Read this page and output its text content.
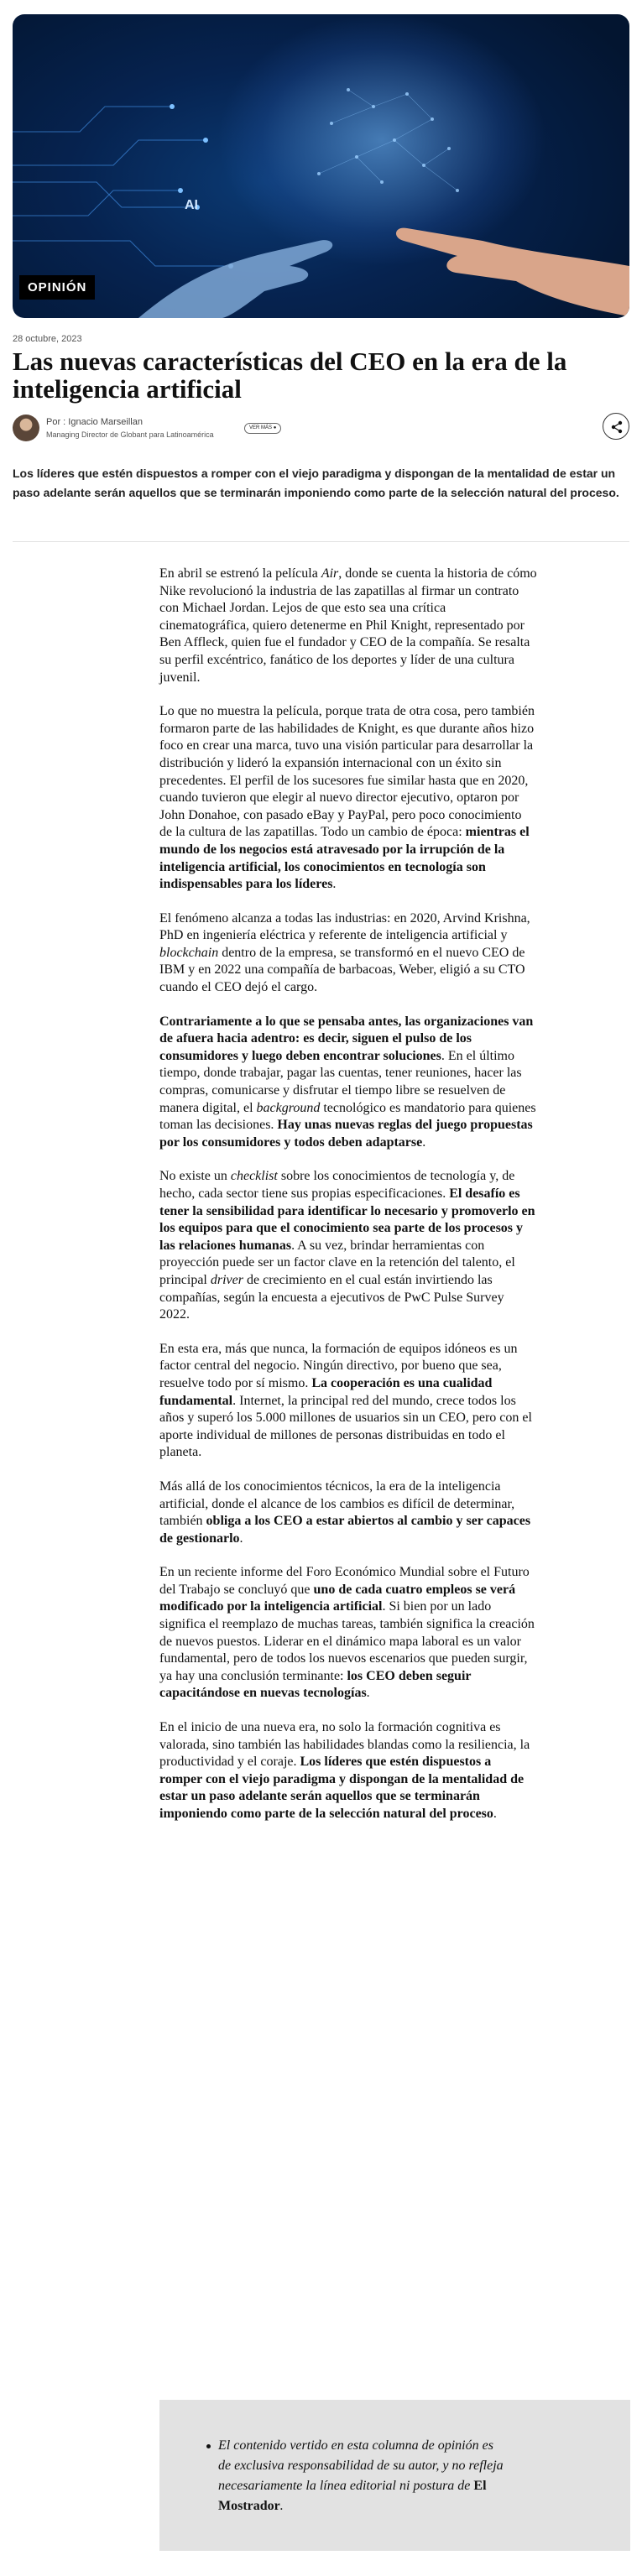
AI
OPINIÓN
28 octubre, 2023
Las nuevas características del CEO en la era de la inteligencia artificial
Por : Ignacio Marseillan
Managing Director de Globant para Latinoamérica
VER MÁS ●

Los líderes que estén dispuestos a romper con el viejo paradigma y dispongan de la mentalidad de estar un paso adelante serán aquellos que se terminarán imponiendo como parte de la selección natural del proceso.

En abril se estrenó la película Air, donde se cuenta la historia de cómo Nike revolucionó la industria de las zapatillas al firmar un contrato con Michael Jordan. Lejos de que esto sea una crítica cinematográfica, quiero detenerme en Phil Knight, representado por Ben Affleck, quien fue el fundador y CEO de la compañía. Se resalta su perfil excéntrico, fanático de los deportes y líder de una cultura juvenil.

Lo que no muestra la película, porque trata de otra cosa, pero también formaron parte de las habilidades de Knight, es que durante años hizo foco en crear una marca, tuvo una visión particular para desarrollar la distribución y lideró la expansión internacional con un éxito sin precedentes. El perfil de los sucesores fue similar hasta que en 2020, cuando tuvieron que elegir al nuevo director ejecutivo, optaron por John Donahoe, con pasado eBay y PayPal, pero poco conocimiento de la cultura de las zapatillas. Todo un cambio de época: mientras el mundo de los negocios está atravesado por la irrupción de la inteligencia artificial, los conocimientos en tecnología son indispensables para los líderes.

El fenómeno alcanza a todas las industrias: en 2020, Arvind Krishna, PhD en ingeniería eléctrica y referente de inteligencia artificial y blockchain dentro de la empresa, se transformó en el nuevo CEO de IBM y en 2022 una compañía de barbacoas, Weber, eligió a su CTO cuando el CEO dejó el cargo.

Contrariamente a lo que se pensaba antes, las organizaciones van de afuera hacia adentro: es decir, siguen el pulso de los consumidores y luego deben encontrar soluciones. En el último tiempo, donde trabajar, pagar las cuentas, tener reuniones, hacer las compras, comunicarse y disfrutar el tiempo libre se resuelven de manera digital, el background tecnológico es mandatorio para quienes toman las decisiones. Hay unas nuevas reglas del juego propuestas por los consumidores y todos deben adaptarse.

No existe un checklist sobre los conocimientos de tecnología y, de hecho, cada sector tiene sus propias especificaciones. El desafío es tener la sensibilidad para identificar lo necesario y promoverlo en los equipos para que el conocimiento sea parte de los procesos y las relaciones humanas. A su vez, brindar herramientas con proyección puede ser un factor clave en la retención del talento, el principal driver de crecimiento en el cual están invirtiendo las compañías, según la encuesta a ejecutivos de PwC Pulse Survey 2022.

En esta era, más que nunca, la formación de equipos idóneos es un factor central del negocio. Ningún directivo, por bueno que sea, resuelve todo por sí mismo. La cooperación es una cualidad fundamental. Internet, la principal red del mundo, crece todos los años y superó los 5.000 millones de usuarios sin un CEO, pero con el aporte individual de millones de personas distribuidas en todo el planeta.

Más allá de los conocimientos técnicos, la era de la inteligencia artificial, donde el alcance de los cambios es difícil de determinar, también obliga a los CEO a estar abiertos al cambio y ser capaces de gestionarlo.

En un reciente informe del Foro Económico Mundial sobre el Futuro del Trabajo se concluyó que uno de cada cuatro empleos se verá modificado por la inteligencia artificial. Si bien por un lado significa el reemplazo de muchas tareas, también significa la creación de nuevos puestos. Liderar en el dinámico mapa laboral es un valor fundamental, pero de todos los nuevos escenarios que pueden surgir, ya hay una conclusión terminante: los CEO deben seguir capacitándose en nuevas tecnologías.

En el inicio de una nueva era, no solo la formación cognitiva es valorada, sino también las habilidades blandas como la resiliencia, la productividad y el coraje. Los líderes que estén dispuestos a romper con el viejo paradigma y dispongan de la mentalidad de estar un paso adelante serán aquellos que se terminarán imponiendo como parte de la selección natural del proceso.

El contenido vertido en esta columna de opinión es de exclusiva responsabilidad de su autor, y no refleja necesariamente la línea editorial ni postura de El Mostrador.
